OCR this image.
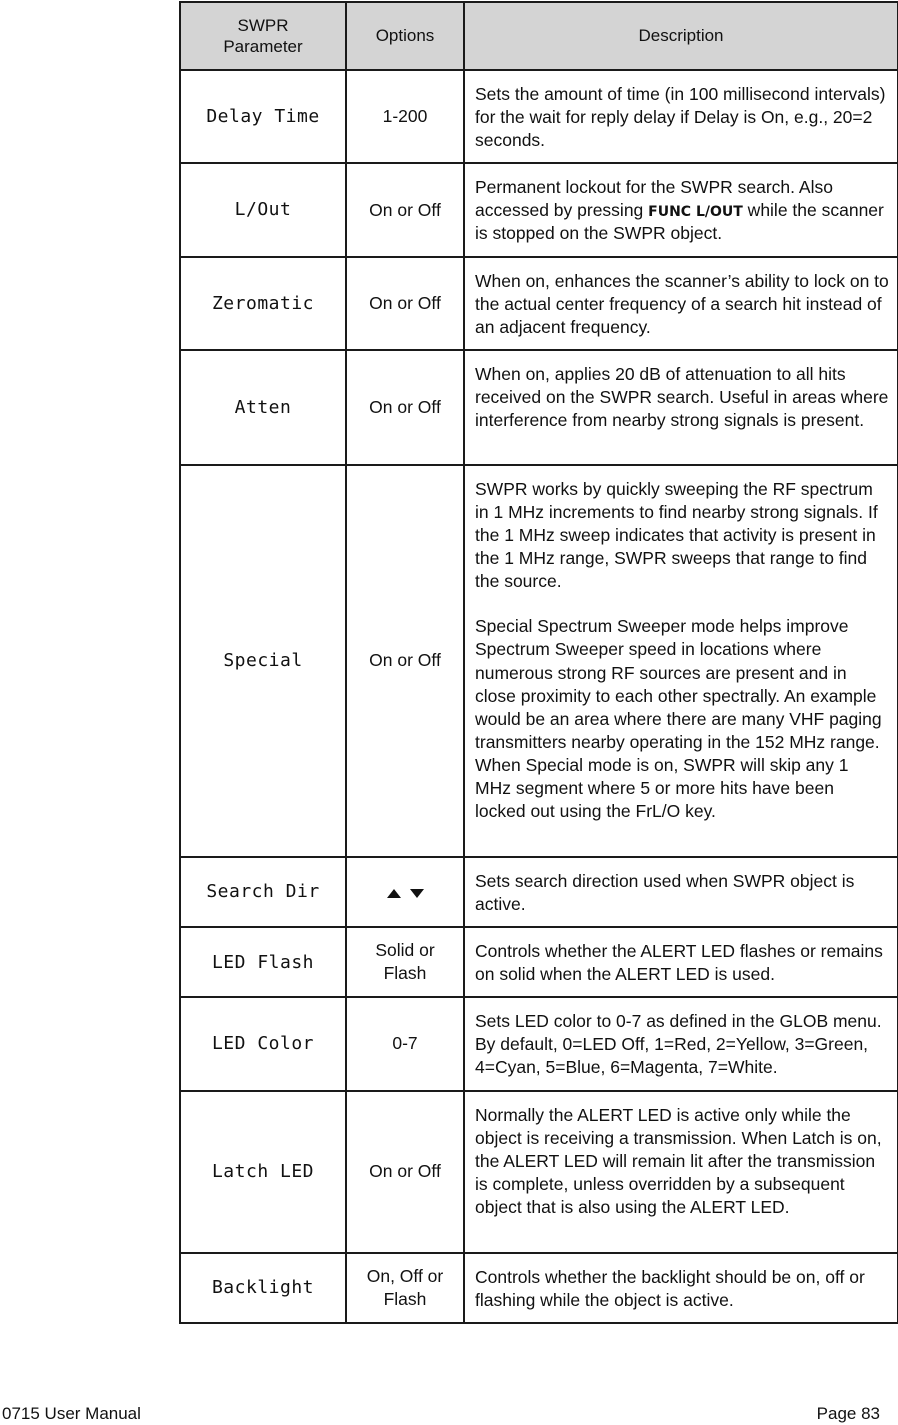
SWPR Parameter	Options	Description
Delay Time	1-200	Sets the amount of time (in 100 millisecond intervals) for the wait for reply delay if Delay is On, e.g., 20=2 seconds.
L/Out	On or Off	Permanent lockout for the SWPR search. Also accessed by pressing FUNC L/OUT while the scanner is stopped on the SWPR object.
Zeromatic	On or Off	When on, enhances the scanner’s ability to lock on to the actual center frequency of a search hit instead of an adjacent frequency.
Atten	On or Off	When on, applies 20 dB of attenuation to all hits received on the SWPR search. Useful in areas where interference from nearby strong signals is present.
Special	On or Off	SWPR works by quickly sweeping the RF spectrum in 1 MHz increments to find nearby strong signals. If the 1 MHz sweep indicates that activity is present in the 1 MHz range, SWPR sweeps that range to find the source.
Special Spectrum Sweeper mode helps improve Spectrum Sweeper speed in locations where numerous strong RF sources are present and in close proximity to each other spectrally. An example would be an area where there are many VHF paging transmitters nearby operating in the 152 MHz range. When Special mode is on, SWPR will skip any 1 MHz segment where 5 or more hits have been locked out using the FrL/O key.
Search Dir		Sets search direction used when SWPR object is active.
LED Flash	Solid or Flash	Controls whether the ALERT LED flashes or remains on solid when the ALERT LED is used.
LED Color	0-7	Sets LED color to 0-7 as defined in the GLOB menu. By default, 0=LED Off, 1=Red, 2=Yellow, 3=Green, 4=Cyan, 5=Blue, 6=Magenta, 7=White.
Latch LED	On or Off	Normally the ALERT LED is active only while the object is receiving a transmission. When Latch is on, the ALERT LED will remain lit after the transmission is complete, unless overridden by a subsequent object that is also using the ALERT LED.
Backlight	On, Off or Flash	Controls whether the backlight should be on, off or flashing while the object is active.
0715 User Manual	Page 83
